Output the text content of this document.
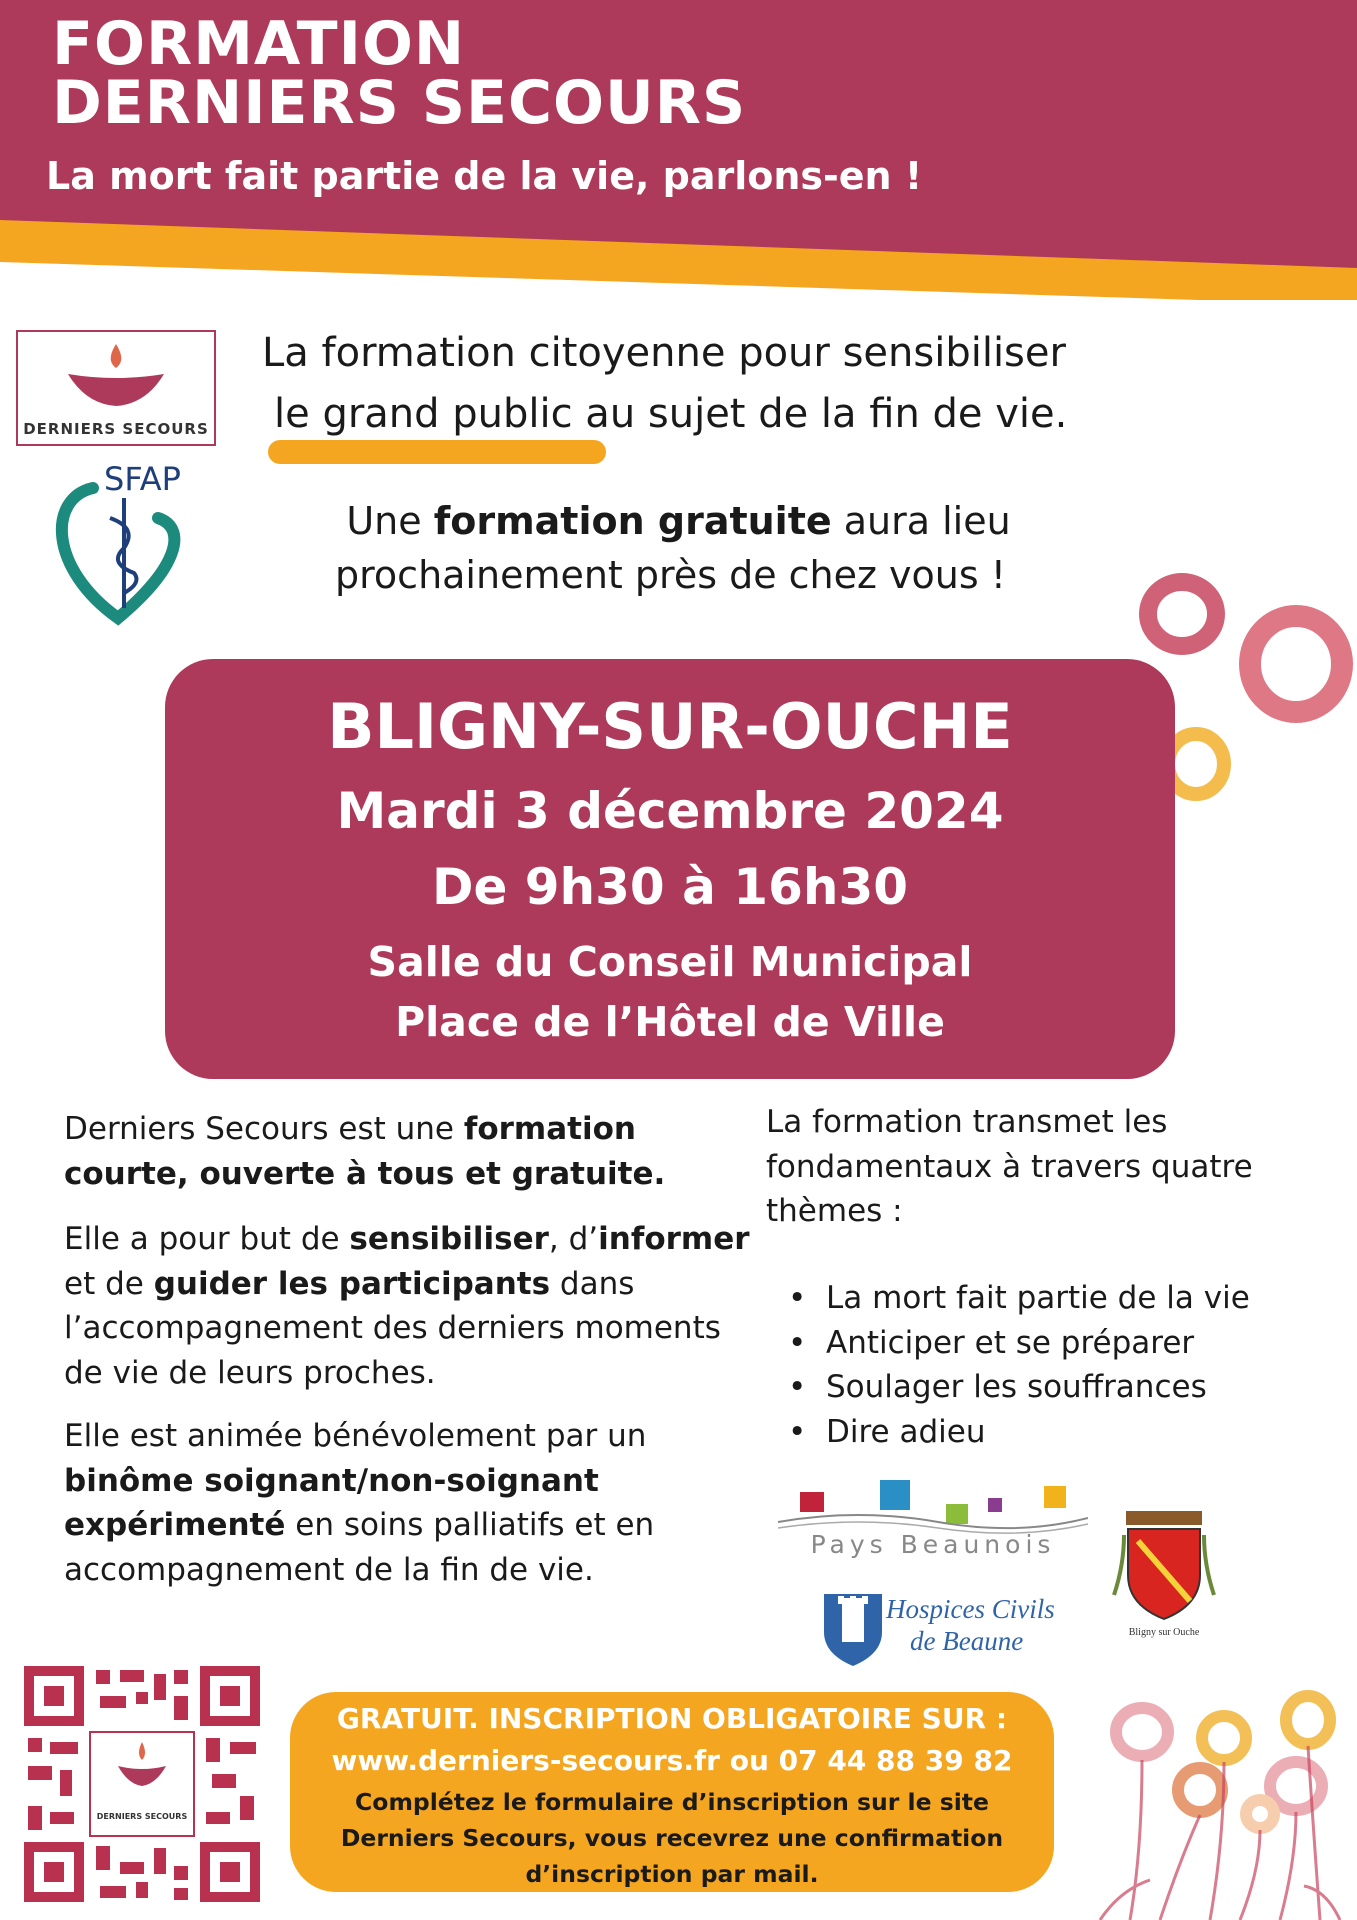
FORMATION
DERNIERS SECOURS
La mort fait partie de la vie, parlons-en !
DERNIERS SECOURS
SFAP
La formation citoyenne pour sensibiliser
le grand public au sujet de la fin de vie.
Une formation gratuite aura lieu
prochainement près de chez vous !
BLIGNY-SUR-OUCHE
Mardi 3 décembre 2024
De 9h30 à 16h30
Salle du Conseil Municipal
Place de l’Hôtel de Ville
Derniers Secours est une formation courte, ouverte à tous et gratuite.
Elle a pour but de sensibiliser, d’informer et de guider les participants dans l’accompagnement des derniers moments de vie de leurs proches.
Elle est animée bénévolement par un binôme soignant/non-soignant expérimenté en soins palliatifs et en accompagnement de la fin de vie.
La formation transmet les fondamentaux à travers quatre thèmes :
• La mort fait partie de la vie
• Anticiper et se préparer
• Soulager les souffrances
• Dire adieu
Pays Beaunois
Hospices Civils
de Beaune	Bligny sur Ouche
DERNIERS SECOURS
GRATUIT. INSCRIPTION OBLIGATOIRE SUR :
www.derniers-secours.fr ou 07 44 88 39 82
Complétez le formulaire d’inscription sur le site Derniers Secours, vous recevrez une confirmation d’inscription par mail.
